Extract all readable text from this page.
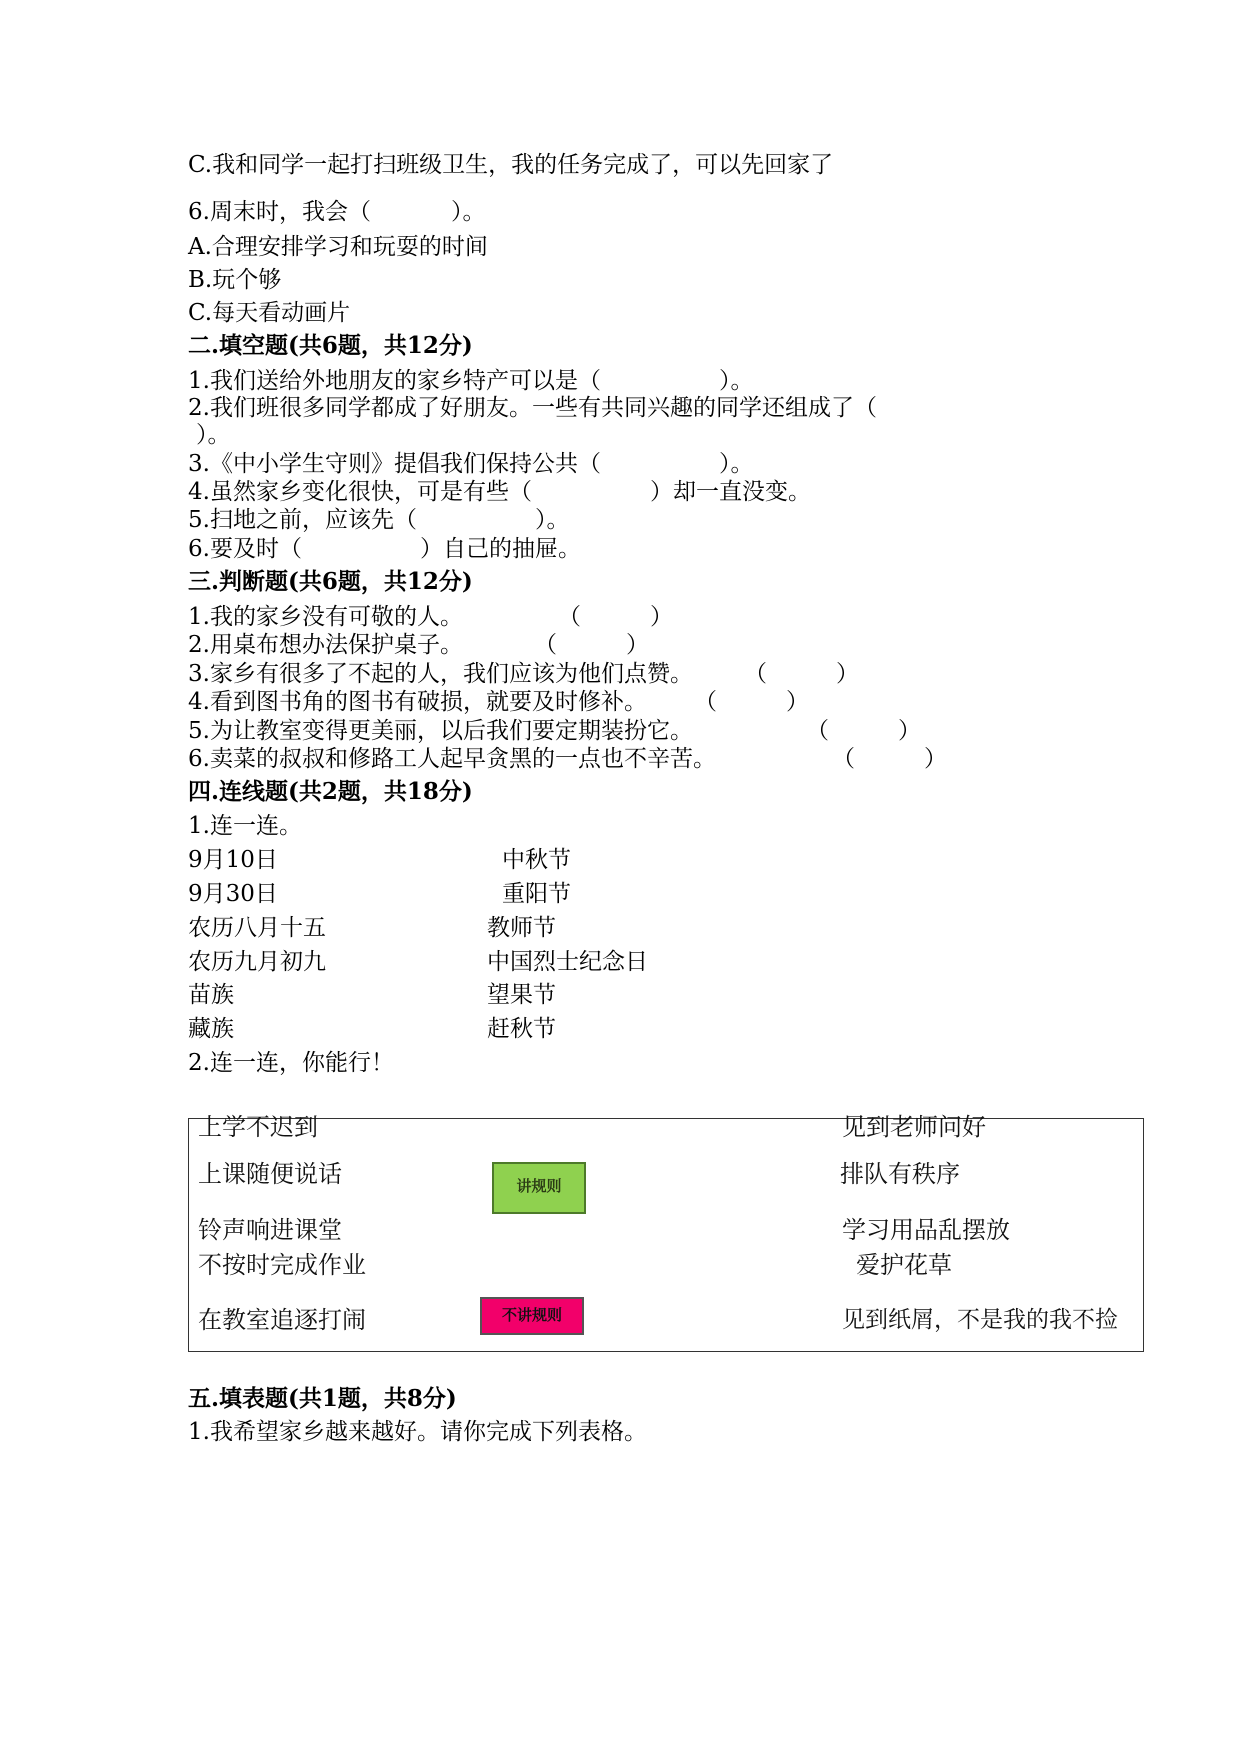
C.我和同学一起打扫班级卫生，我的任务完成了，可以先回家了
6.周末时，我会（	）。
A.合理安排学习和玩耍的时间
B.玩个够
C.每天看动画片
二.填空题(共6题，共12分)
1.我们送给外地朋友的家乡特产可以是（	）。
2.我们班很多同学都成了好朋友。一些有共同兴趣的同学还组成了（
）。
3.《中小学生守则》提倡我们保持公共（	）。
4.虽然家乡变化很快，可是有些（	）却一直没变。
5.扫地之前，应该先（	）。
6.要及时（	）自己的抽屉。
三.判断题(共6题，共12分)
1.我的家乡没有可敬的人。	（　　　）
2.用桌布想办法保护桌子。	（　　　）
3.家乡有很多了不起的人，我们应该为他们点赞。 （　　　）
4.看到图书角的图书有破损，就要及时修补。 （　　　）
5.为让教室变得更美丽，以后我们要定期装扮它。	（　　　）
6.卖菜的叔叔和修路工人起早贪黑的一点也不辛苦。	（　　　）
四.连线题(共2题，共18分)
1.连一连。
9月10日	中秋节
9月30日	重阳节
农历八月十五	教师节
农历九月初九	中国烈士纪念日
苗族	望果节
藏族	赶秋节
2.连一连，你能行！
上学不迟到
上课随便说话
铃声响进课堂
不按时完成作业
在教室追逐打闹
讲规则
不讲规则
见到老师问好
排队有秩序
学习用品乱摆放
爱护花草
见到纸屑，不是我的我不捡
五.填表题(共1题，共8分)
1.我希望家乡越来越好。请你完成下列表格。
